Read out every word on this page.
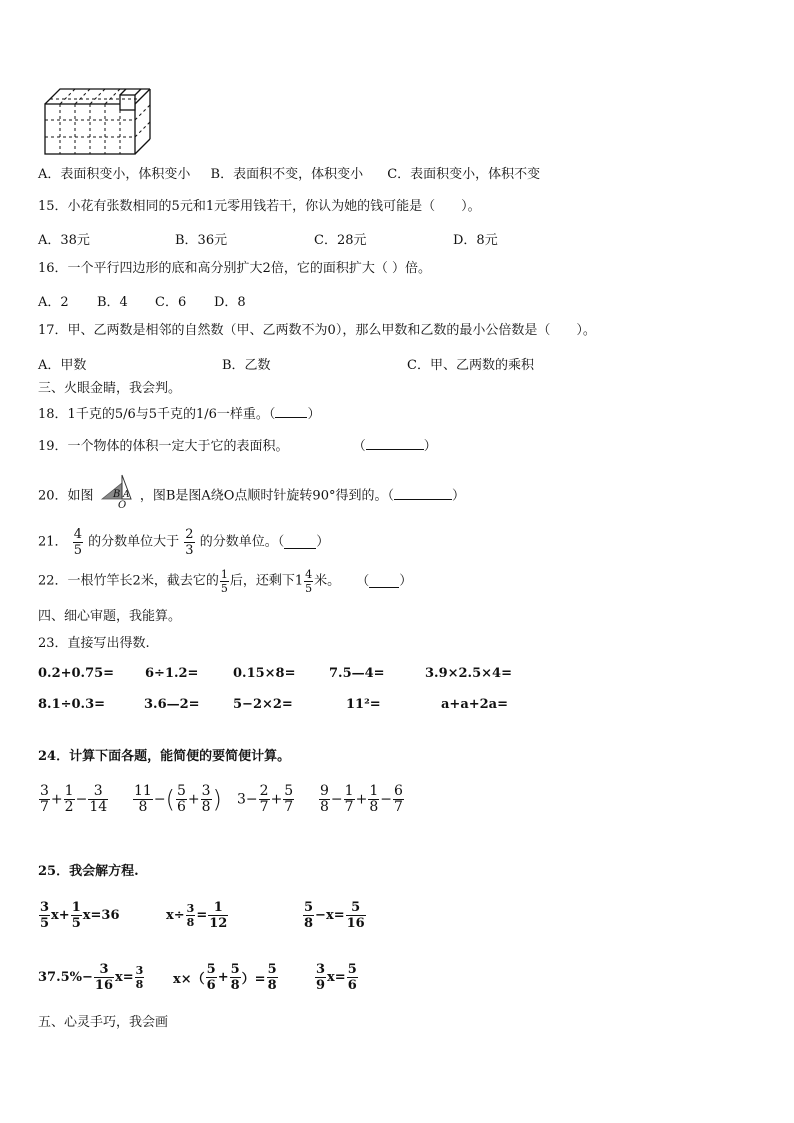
A．表面积变小，体积变小 B．表面积不变，体积变小 C．表面积变小，体积不变
15．小花有张数相同的5元和1元零用钱若干，你认为她的钱可能是（　　）。
A．38元	B．36元	C．28元	D．8元
16．一个平行四边形的底和高分别扩大2倍，它的面积扩大（ ）倍。
A．2 B．4 C．6 D．8
17．甲、乙两数是相邻的自然数（甲、乙两数不为0），那么甲数和乙数的最小公倍数是（　　）。
A．甲数	B．乙数	C．甲、乙两数的乘积
三、火眼金睛，我会判。
18．1千克的5/6与5千克的1/6一样重。（ ）
19．一个物体的体积一定大于它的表面积。	（	）
20．如图 B A
O
，图B是图A绕O点顺时针旋转90°得到的。（	）
21． $\frac{4}{5}$ 的分数单位大于 $\frac{2}{3}$ 的分数单位。（ ）
22．一根竹竿长2米，截去它的 $\frac{1}{5}$ 后，还剩下$1 \frac{4}{5}$ 米。 （ ）
四、细心审题，我能算。
23．直接写出得数.
0.2+0.75= 6÷1.2=	0.15×8=	7.5—4=	3.9×2.5×4=
8.1÷0.3=	3.6—2=	5−2×2=	11²=	a+a+2a=
24．计算下面各题，能简便的要简便计算。
$\frac{3}{7} + \frac{1}{2} - \frac{3}{14} \frac{11}{8}$ −( $\frac{5}{6} + \frac{3}{8}$ ) $3- \frac{2}{7} + \frac{5}{7} \frac{9}{8} - \frac{1}{7} + \frac{1}{8} - \frac{6}{7}$
25．我会解方程.
$\frac{3}{5} x+ \frac{1}{5} x=36$	$x\div \frac{3}{8} = \frac{1}{12}$	$\frac{5}{8} -x= \frac{5}{16}$
$37.5\%- \frac{3}{16} x= \frac{3}{8} x\times( \frac{5}{6} + \frac{5}{8}$ ）= $\frac{5}{8}$	$\frac{3}{9} x= \frac{5}{6}$
五、心灵手巧，我会画
